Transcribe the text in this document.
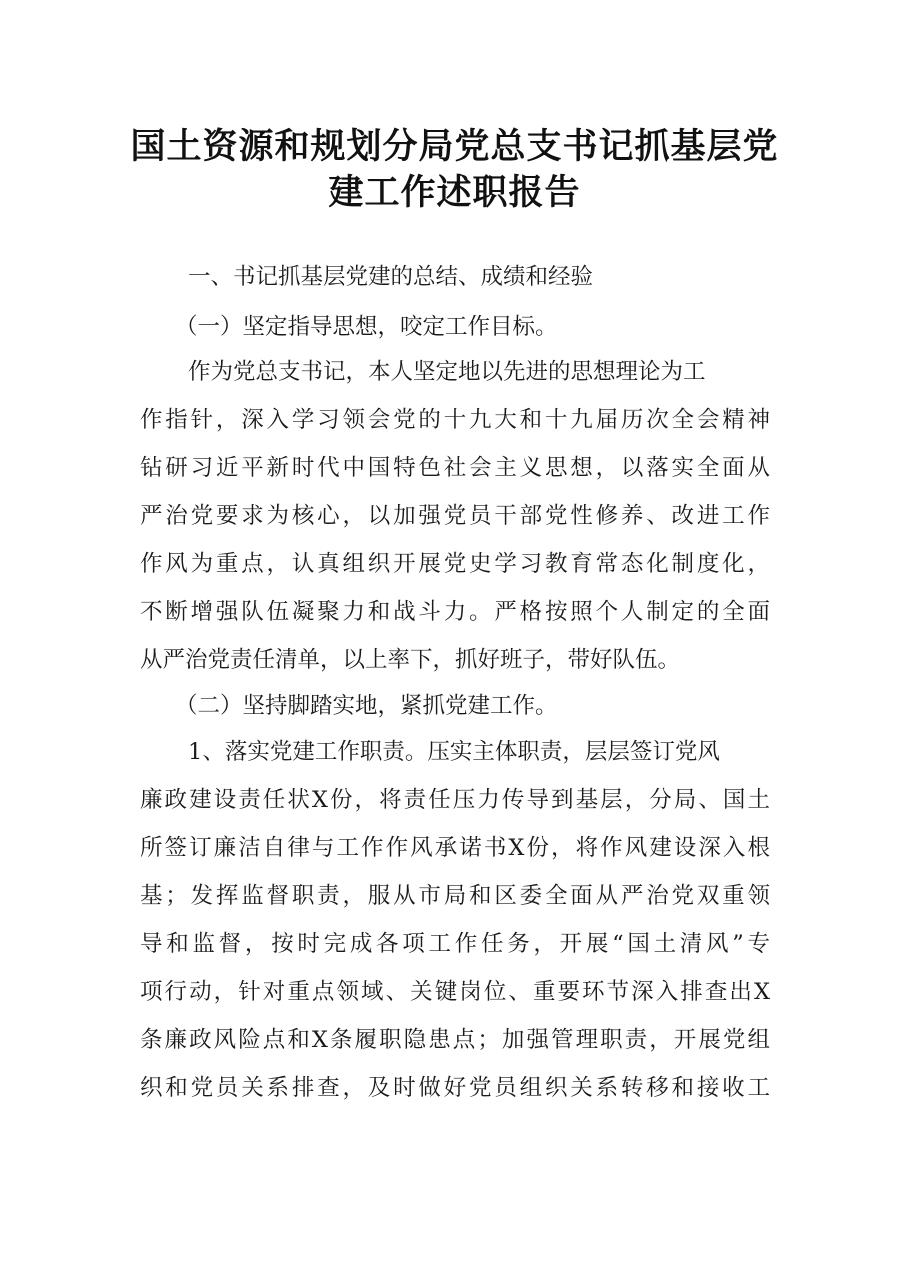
国土资源和规划分局党总支书记抓基层党
建工作述职报告
一、书记抓基层党建的总结、成绩和经验
（一）坚定指导思想，咬定工作目标。
作为党总支书记，本人坚定地以先进的思想理论为工
作指针，深入学习领会党的十九大和十九届历次全会精神
钻研习近平新时代中国特色社会主义思想，以落实全面从
严治党要求为核心，以加强党员干部党性修养、改进工作
作风为重点，认真组织开展党史学习教育常态化制度化，
不断增强队伍凝聚力和战斗力。严格按照个人制定的全面
从严治党责任清单，以上率下，抓好班子，带好队伍。
（二）坚持脚踏实地，紧抓党建工作。
1、落实党建工作职责。压实主体职责，层层签订党风
廉政建设责任状X份，将责任压力传导到基层，分局、国土
所签订廉洁自律与工作作风承诺书X份，将作风建设深入根
基；发挥监督职责，服从市局和区委全面从严治党双重领
导和监督，按时完成各项工作任务，开展“国土清风”专
项行动，针对重点领域、关键岗位、重要环节深入排查出X
条廉政风险点和X条履职隐患点；加强管理职责，开展党组
织和党员关系排查，及时做好党员组织关系转移和接收工
